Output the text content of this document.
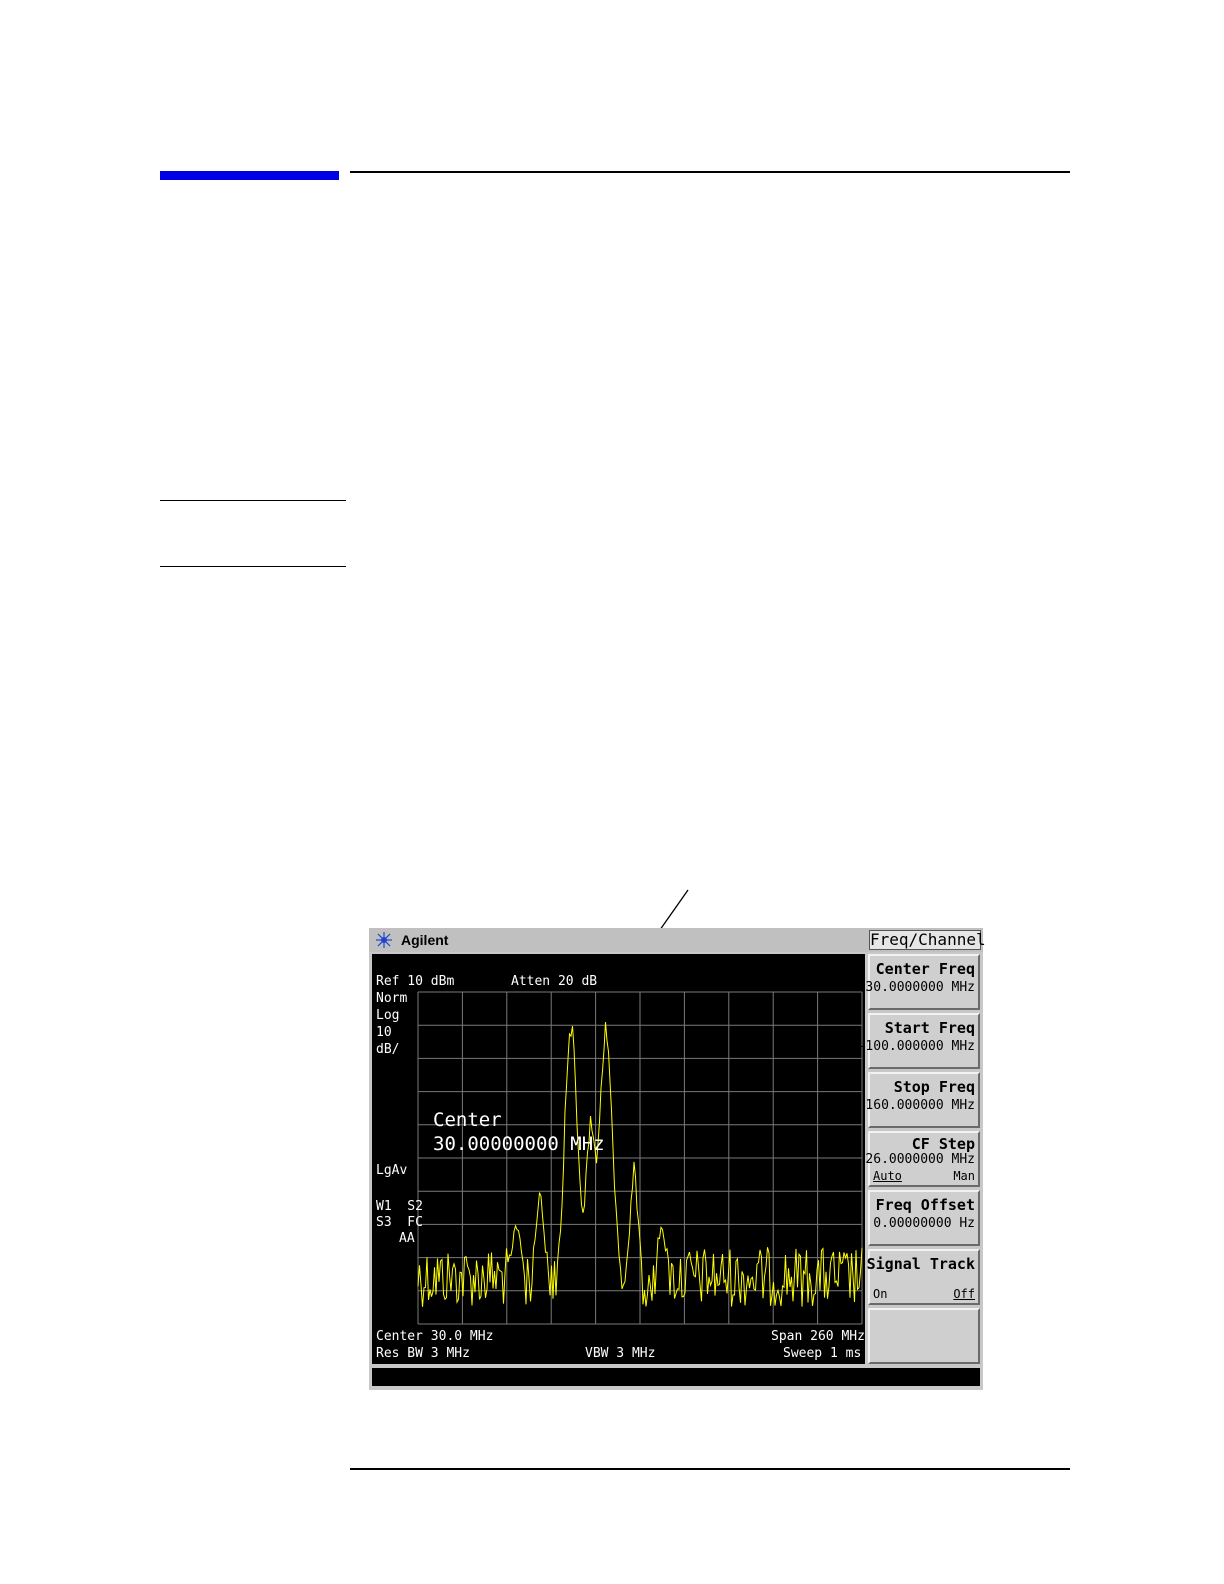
Agilent	Freq/Channel
Ref 10 dBm	Atten 20 dB
Norm
Log
10
dB/
LgAv
W1  S2
S3  FC
AA
Center
30.00000000 MHz
Center 30.0 MHz	Span 260 MHz
Res BW 3 MHz	VBW 3 MHz	Sweep 1 ms
Center Freq
30.0000000 MHz
Start Freq
-100.000000 MHz
Stop Freq
160.000000 MHz
CF Step
26.0000000 MHz
Auto	Man
Freq Offset
0.00000000 Hz
Signal Track
On	Off
